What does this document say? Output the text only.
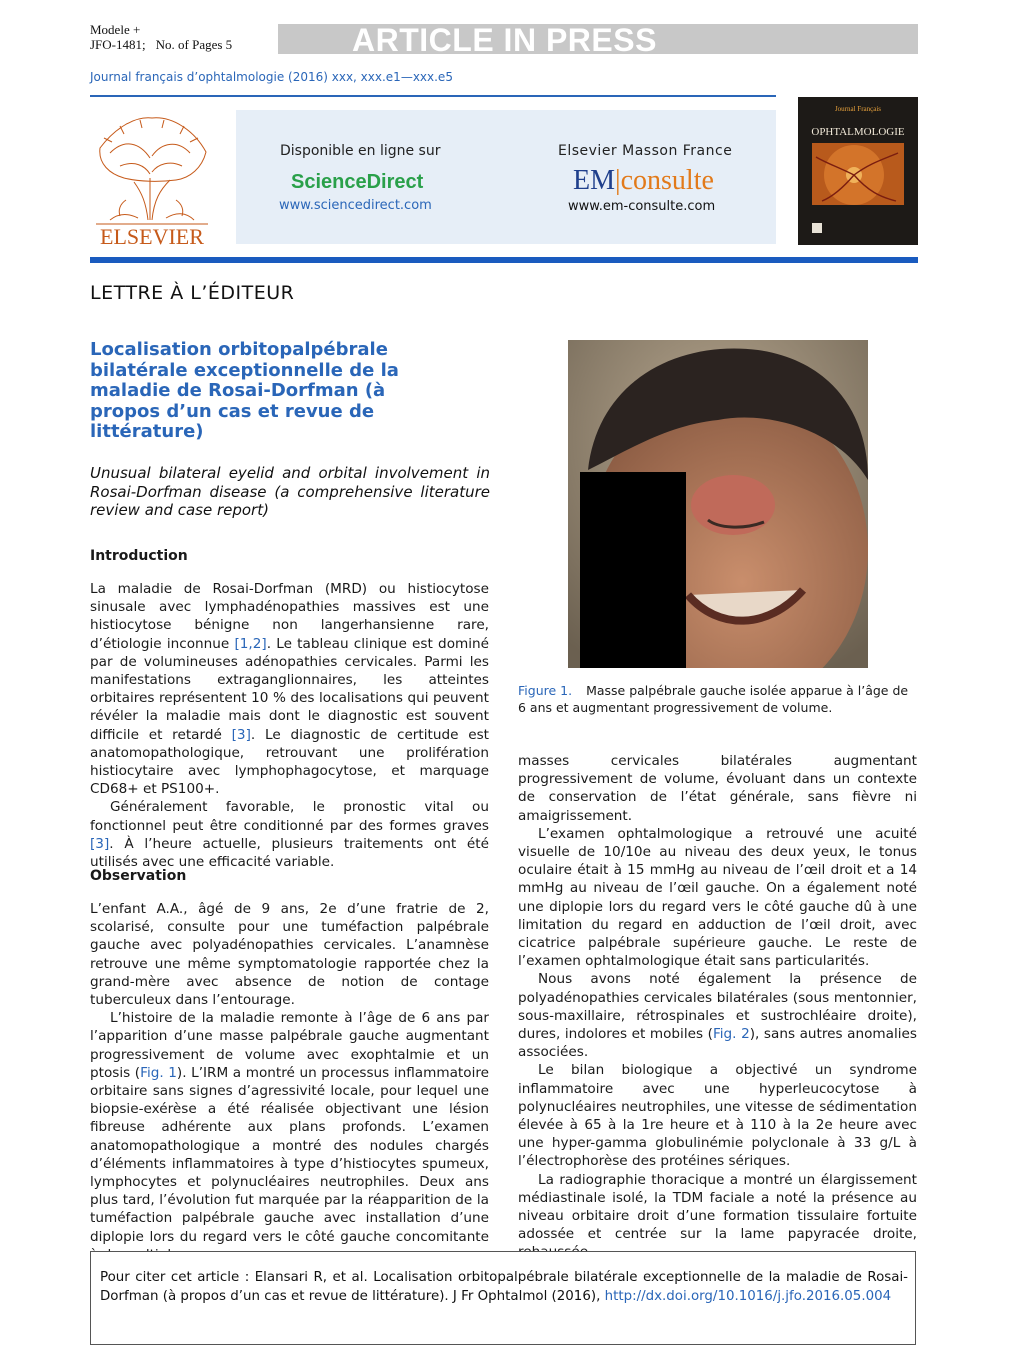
Modele +
JFO-1481; No. of Pages 5	ARTICLE IN PRESS
Journal français d’ophtalmologie (2016) xxx, xxx.e1—xxx.e5
ELSEVIER
Disponible en ligne sur
ScienceDirect
www.sciencedirect.com
Elsevier Masson France
EM|consulte
www.em-consulte.com
Journal Français
OPHTALMOLOGIE
LETTRE À L’ÉDITEUR
Localisation orbitopalpébrale bilatérale exceptionnelle de la maladie de Rosai-Dorfman (à propos d’un cas et revue de littérature)
Unusual bilateral eyelid and orbital involvement in Rosai-Dorfman disease (a comprehensive literature review and case report)
Introduction

La maladie de Rosai-Dorfman (MRD) ou histiocytose sinusale avec lymphadénopathies massives est une histiocytose bénigne non langerhansienne rare, d’étiologie inconnue [1,2]. Le tableau clinique est dominé par de volumineuses adénopathies cervicales. Parmi les manifestations extraganglionnaires, les atteintes orbitaires représentent 10 % des localisations qui peuvent révéler la maladie mais dont le diagnostic est souvent difficile et retardé [3]. Le diagnostic de certitude est anatomopathologique, retrouvant une prolifération histiocytaire avec lymphophagocytose, et marquage CD68+ et PS100+.

Généralement favorable, le pronostic vital ou fonctionnel peut être conditionné par des formes graves [3]. À l’heure actuelle, plusieurs traitements ont été utilisés avec une efficacité variable.

Observation

L’enfant A.A., âgé de 9 ans, 2e d’une fratrie de 2, scolarisé, consulte pour une tuméfaction palpébrale gauche avec polyadénopathies cervicales. L’anamnèse retrouve une même symptomatologie rapportée chez la grand-mère avec absence de notion de contage tuberculeux dans l’entourage.

L’histoire de la maladie remonte à l’âge de 6 ans par l’apparition d’une masse palpébrale gauche augmentant progressivement de volume avec exophtalmie et un ptosis (Fig. 1). L’IRM a montré un processus inflammatoire orbitaire sans signes d’agressivité locale, pour lequel une biopsie-exérèse a été réalisée objectivant une lésion fibreuse adhérente aux plans profonds. L’examen anatomopathologique a montré des nodules chargés d’éléments inflammatoires à type d’histiocytes spumeux, lymphocytes et polynucléaires neutrophiles. Deux ans plus tard, l’évolution fut marquée par la réapparition de la tuméfaction palpébrale gauche avec installation d’une diplopie lors du regard vers le côté gauche concomitante

Figure 1. Masse palpébrale gauche isolée apparue à l’âge de 6 ans et augmentant progressivement de volume.

masses cervicales bilatérales augmentant progressivement de volume, évoluant dans un contexte de conservation de l’état générale, sans fièvre ni amaigrissement.

L’examen ophtalmologique a retrouvé une acuité visuelle de 10/10e au niveau des deux yeux, le tonus oculaire était à 15 mmHg au niveau de l’œil droit et a 14 mmHg au niveau de l’œil gauche. On a également noté une diplopie lors du regard vers le côté gauche dû à une limitation du regard en adduction de l’œil droit, avec cicatrice palpébrale supérieure gauche. Le reste de l’examen ophtalmologique était sans particularités.

Nous avons noté également la présence de polyadénopathies cervicales bilatérales (sous mentonnier, sous-maxillaire, rétrospinales et sustrochléaire droite), dures, indolores et mobiles (Fig. 2), sans autres anomalies associées.

Le bilan biologique a objectivé un syndrome inflammatoire avec une hyperleucocytose à polynucléaires neutrophiles, une vitesse de sédimentation élevée à 65 à la 1re heure et à 110 à la 2e heure avec une hyper-gamma globulinémie polyclonale à 33 g/L à l’électrophorèse des protéines sériques.

La radiographie thoracique a montré un élargissement médiastinale isolé, la TDM faciale a noté la présence au niveau orbitaire droit d’une formation tissulaire fortuite adossée et centrée sur la lame papyracée droite,

Pour citer cet article : Elansari R, et al. Localisation orbitopalpébrale bilatérale exceptionnelle de la maladie de Rosai-Dorfman (à propos d’un cas et revue de littérature). J Fr Ophtalmol (2016), http://dx.doi.org/10.1016/j.jfo.2016.05.004
